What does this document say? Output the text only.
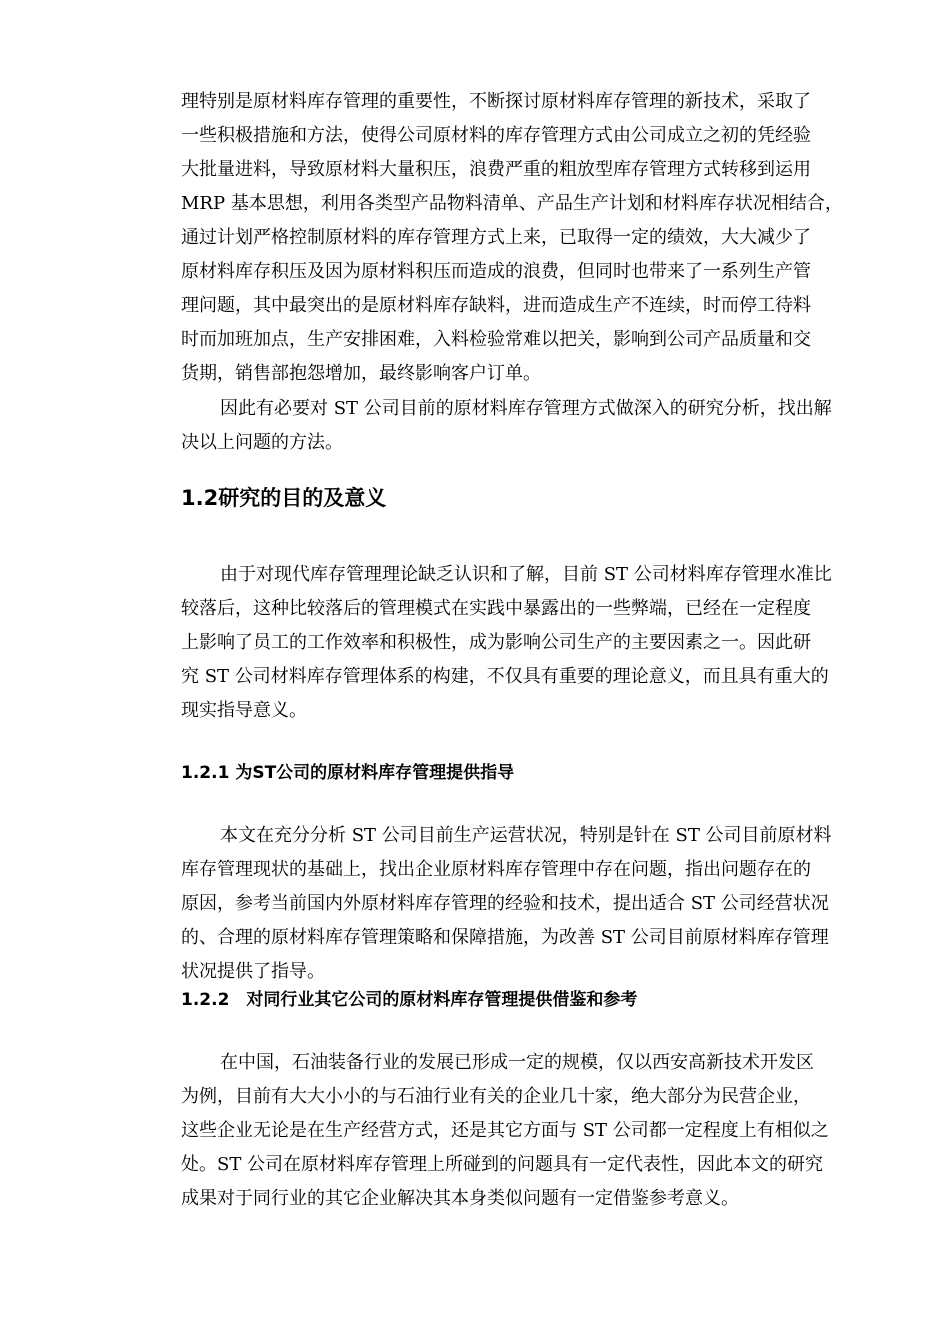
理特别是原材料库存管理的重要性，不断探讨原材料库存管理的新技术，采取了
一些积极措施和方法，使得公司原材料的库存管理方式由公司成立之初的凭经验
大批量进料，导致原材料大量积压，浪费严重的粗放型库存管理方式转移到运用
MRP 基本思想，利用各类型产品物料清单、产品生产计划和材料库存状况相结合，
通过计划严格控制原材料的库存管理方式上来，已取得一定的绩效，大大减少了
原材料库存积压及因为原材料积压而造成的浪费，但同时也带来了一系列生产管
理问题，其中最突出的是原材料库存缺料，进而造成生产不连续，时而停工待料
时而加班加点，生产安排困难，入料检验常难以把关，影响到公司产品质量和交
货期，销售部抱怨增加，最终影响客户订单。
因此有必要对 ST 公司目前的原材料库存管理方式做深入的研究分析，找出解
决以上问题的方法。
1.2研究的目的及意义
由于对现代库存管理理论缺乏认识和了解，目前 ST 公司材料库存管理水准比
较落后，这种比较落后的管理模式在实践中暴露出的一些弊端，已经在一定程度
上影响了员工的工作效率和积极性，成为影响公司生产的主要因素之一。因此研
究 ST 公司材料库存管理体系的构建，不仅具有重要的理论意义，而且具有重大的
现实指导意义。
1.2.1 为ST公司的原材料库存管理提供指导
本文在充分分析 ST 公司目前生产运营状况，特别是针在 ST 公司目前原材料
库存管理现状的基础上，找出企业原材料库存管理中存在问题，指出问题存在的
原因，参考当前国内外原材料库存管理的经验和技术，提出适合 ST 公司经营状况
的、合理的原材料库存管理策略和保障措施，为改善 ST 公司目前原材料库存管理
状况提供了指导。
1.2.2　对同行业其它公司的原材料库存管理提供借鉴和参考
在中国，石油装备行业的发展已形成一定的规模，仅以西安高新技术开发区
为例，目前有大大小小的与石油行业有关的企业几十家，绝大部分为民营企业，
这些企业无论是在生产经营方式，还是其它方面与 ST 公司都一定程度上有相似之
处。ST 公司在原材料库存管理上所碰到的问题具有一定代表性，因此本文的研究
成果对于同行业的其它企业解决其本身类似问题有一定借鉴参考意义。
